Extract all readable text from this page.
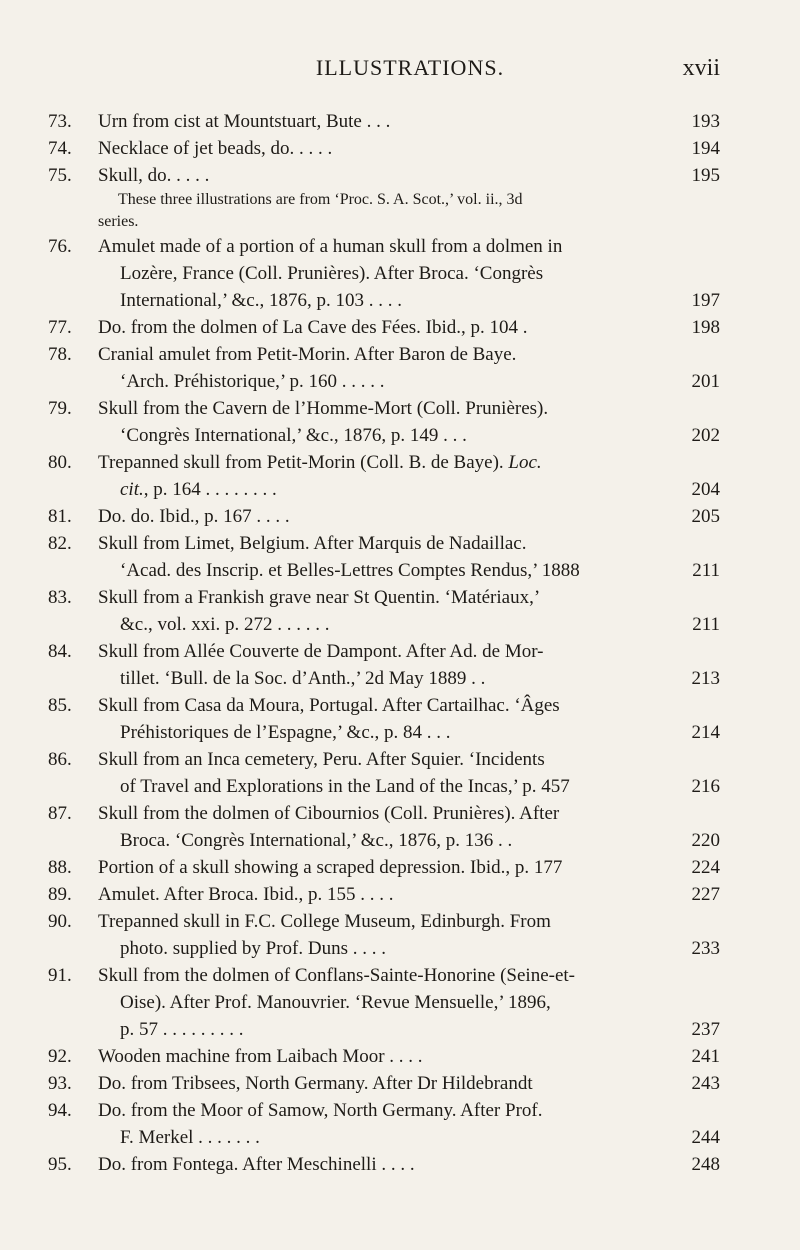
ILLUSTRATIONS.	xvii
73.	Urn from cist at Mountstuart, Bute . . .	193
74.	Necklace of jet beads, do. . . . .	194
75.	Skull, do. . . . .	195
These three illustrations are from ‘Proc. S. A. Scot.,’ vol. ii., 3d
series.
76.	Amulet made of a portion of a human skull from a dolmen in
Lozère, France (Coll. Prunières). After Broca. ‘Congrès
International,’ &c., 1876, p. 103 . . . .	197
77.	Do. from the dolmen of La Cave des Fées. Ibid., p. 104 .	198
78.	Cranial amulet from Petit-Morin. After Baron de Baye.
‘Arch. Préhistorique,’ p. 160 . . . . .	201
79.	Skull from the Cavern de l’Homme-Mort (Coll. Prunières).
‘Congrès International,’ &c., 1876, p. 149 . . .	202
80.	Trepanned skull from Petit-Morin (Coll. B. de Baye). Loc.
cit., p. 164 . . . . . . . .	204
81.	Do. do. Ibid., p. 167 . . . .	205
82.	Skull from Limet, Belgium. After Marquis de Nadaillac.
‘Acad. des Inscrip. et Belles-Lettres Comptes Rendus,’ 1888	211
83.	Skull from a Frankish grave near St Quentin. ‘Matériaux,’
&c., vol. xxi. p. 272 . . . . . .	211
84.	Skull from Allée Couverte de Dampont. After Ad. de Mor-
tillet. ‘Bull. de la Soc. d’Anth.,’ 2d May 1889 . .	213
85.	Skull from Casa da Moura, Portugal. After Cartailhac. ‘Âges
Préhistoriques de l’Espagne,’ &c., p. 84 . . .	214
86.	Skull from an Inca cemetery, Peru. After Squier. ‘Incidents
of Travel and Explorations in the Land of the Incas,’ p. 457	216
87.	Skull from the dolmen of Cibournios (Coll. Prunières). After
Broca. ‘Congrès International,’ &c., 1876, p. 136 . .	220
88.	Portion of a skull showing a scraped depression. Ibid., p. 177	224
89.	Amulet. After Broca. Ibid., p. 155 . . . .	227
90.	Trepanned skull in F.C. College Museum, Edinburgh. From
photo. supplied by Prof. Duns . . . .	233
91.	Skull from the dolmen of Conflans-Sainte-Honorine (Seine-et-
Oise). After Prof. Manouvrier. ‘Revue Mensuelle,’ 1896,
p. 57 . . . . . . . . .	237
92.	Wooden machine from Laibach Moor . . . .	241
93.	Do. from Tribsees, North Germany. After Dr Hildebrandt	243
94.	Do. from the Moor of Samow, North Germany. After Prof.
F. Merkel . . . . . . .	244
95.	Do. from Fontega. After Meschinelli . . . .	248
